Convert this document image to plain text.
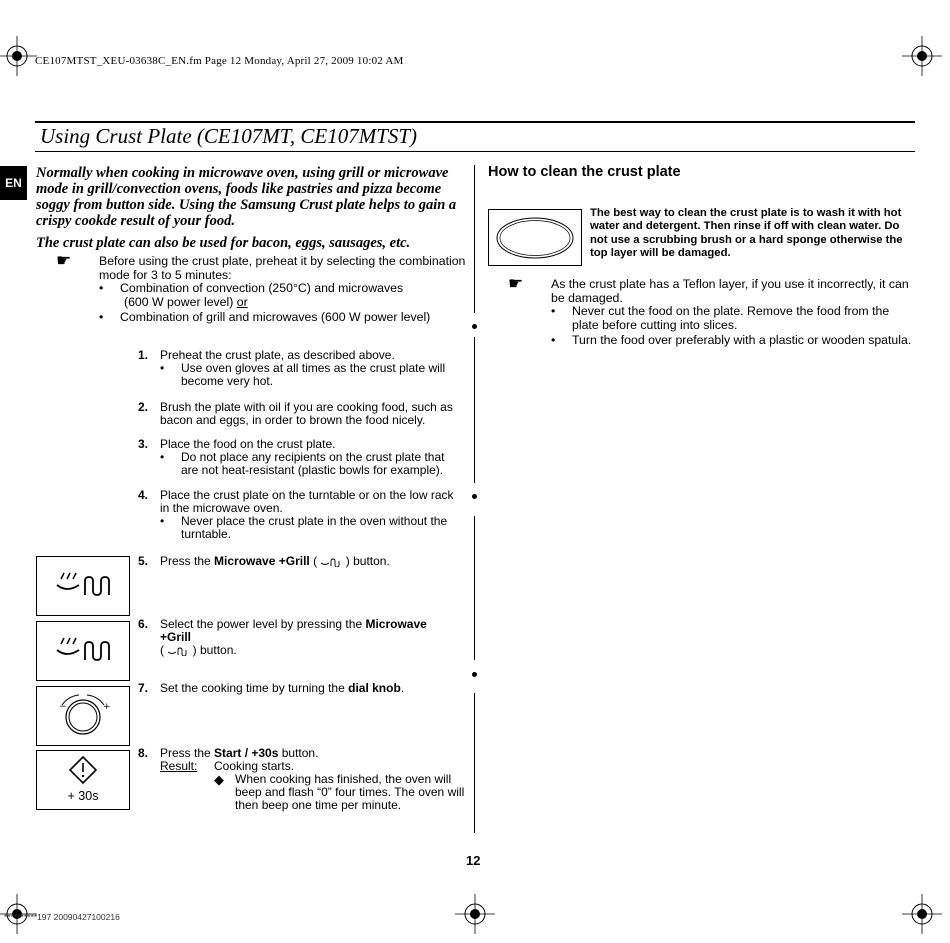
CE107MTST_XEU-03638C_EN.fm Page 12 Monday, April 27, 2009 10:02 AM
Using Crust Plate (CE107MT, CE107MTST)
EN
Normally when cooking in microwave oven, using grill or microwave mode in grill/convection ovens, foods like pastries and pizza become soggy from button side. Using the Samsung Crust plate helps to gain a crispy cookde result of your food.
The crust plate can also be used for bacon, eggs, sausages, etc.
☛ Before using the crust plate, preheat it by selecting the combination mode for 3 to 5 minutes:
• Combination of convection (250°C) and microwaves
(600 W power level) or
• Combination of grill and microwaves (600 W power level)
1. Preheat the crust plate, as described above.
• Use oven gloves at all times as the crust plate will become very hot.
2. Brush the plate with oil if you are cooking food, such as bacon and eggs, in order to brown the food nicely.
3. Place the food on the crust plate.
• Do not place any recipients on the crust plate that are not heat-resistant (plastic bowls for example).
4. Place the crust plate on the turntable or on the low rack in the microwave oven.
• Never place the crust plate in the oven without the turntable.
−	+
+ 30s
5. Press the Microwave +Grill (  ) button.
6. Select the power level by pressing the Microwave +Grill
(  ) button.
7. Set the cooking time by turning the dial knob.
8. Press the Start / +30s button.
Result: Cooking starts.
◆ When cooking has finished, the oven will beep and flash “0” four times. The oven will then beep one time per minute.
How to clean the crust plate
The best way to clean the crust plate is to wash it with hot water and detergent. Then rinse if off with clean water. Do not use a scrubbing brush or a hard sponge otherwise the top layer will be damaged.
☛ As the crust plate has a Teflon layer, if you use it incorrectly, it can be damaged.
• Never cut the food on the plate. Remove the food from the plate before cutting into slices.
• Turn the food over preferably with a plastic or wooden spatula.
12
**********197 20090427100216
